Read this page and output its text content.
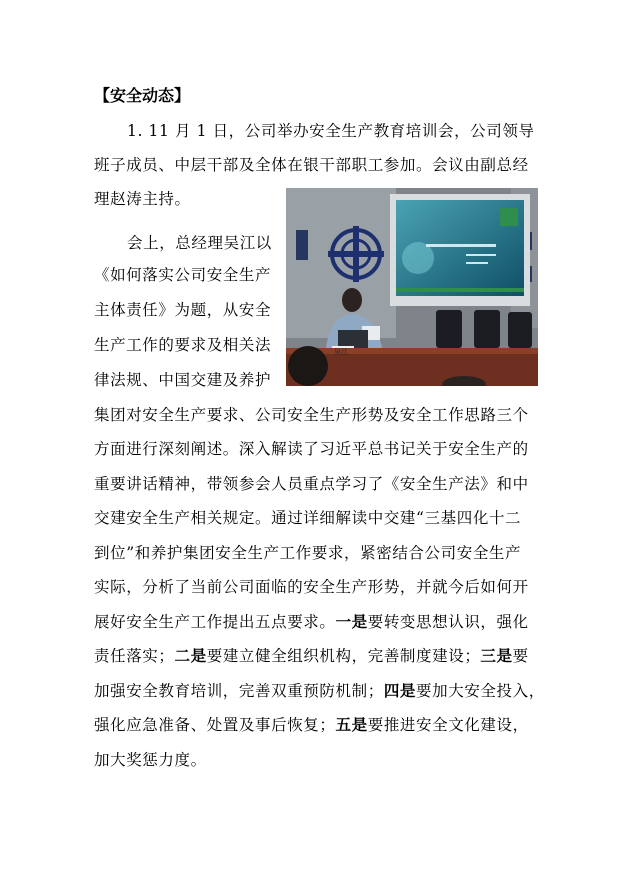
【安全动态】
1. 11 月 1 日，公司举办安全生产教育培训会，公司领导
班子成员、中层干部及全体在银干部职工参加。会议由副总经
理赵涛主持。
吴江
会上，总经理吴江以
《如何落实公司安全生产
主体责任》为题，从安全
生产工作的要求及相关法
律法规、中国交建及养护
集团对安全生产要求、公司安全生产形势及安全工作思路三个
方面进行深刻阐述。深入解读了习近平总书记关于安全生产的
重要讲话精神，带领参会人员重点学习了《安全生产法》和中
交建安全生产相关规定。通过详细解读中交建“三基四化十二
到位”和养护集团安全生产工作要求，紧密结合公司安全生产
实际，分析了当前公司面临的安全生产形势，并就今后如何开
展好安全生产工作提出五点要求。一是要转变思想认识，强化
责任落实；二是要建立健全组织机构，完善制度建设；三是要
加强安全教育培训，完善双重预防机制；四是要加大安全投入，
强化应急准备、处置及事后恢复；五是要推进安全文化建设，
加大奖惩力度。
